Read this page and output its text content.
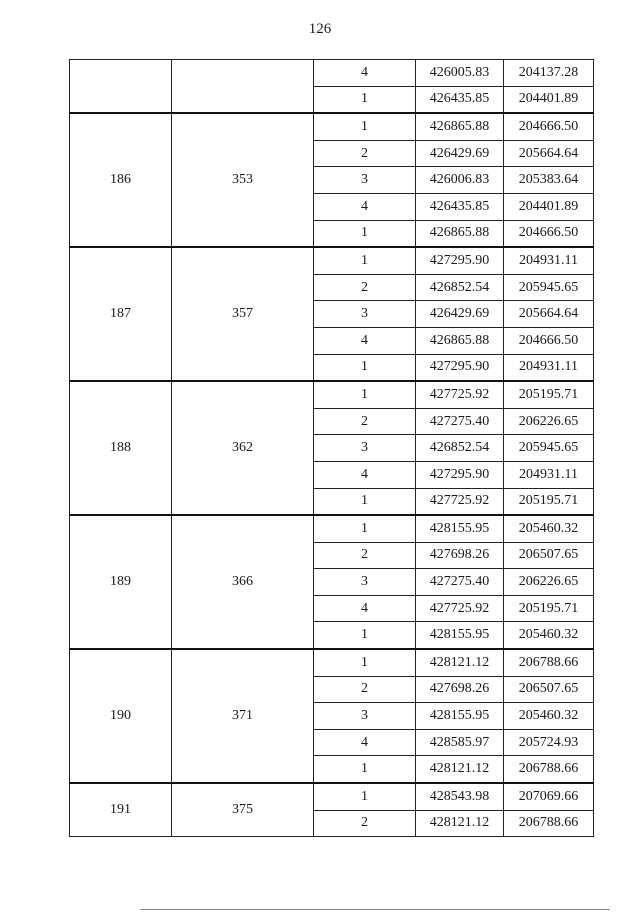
126
		4	426005.83	204137.28
		1	426435.85	204401.89
186	353	1	426865.88	204666.50
		2	426429.69	205664.64
		3	426006.83	205383.64
		4	426435.85	204401.89
		1	426865.88	204666.50
187	357	1	427295.90	204931.11
		2	426852.54	205945.65
		3	426429.69	205664.64
		4	426865.88	204666.50
		1	427295.90	204931.11
188	362	1	427725.92	205195.71
		2	427275.40	206226.65
		3	426852.54	205945.65
		4	427295.90	204931.11
		1	427725.92	205195.71
189	366	1	428155.95	205460.32
		2	427698.26	206507.65
		3	427275.40	206226.65
		4	427725.92	205195.71
		1	428155.95	205460.32
190	371	1	428121.12	206788.66
		2	427698.26	206507.65
		3	428155.95	205460.32
		4	428585.97	205724.93
		1	428121.12	206788.66
191	375	1	428543.98	207069.66
		2	428121.12	206788.66
